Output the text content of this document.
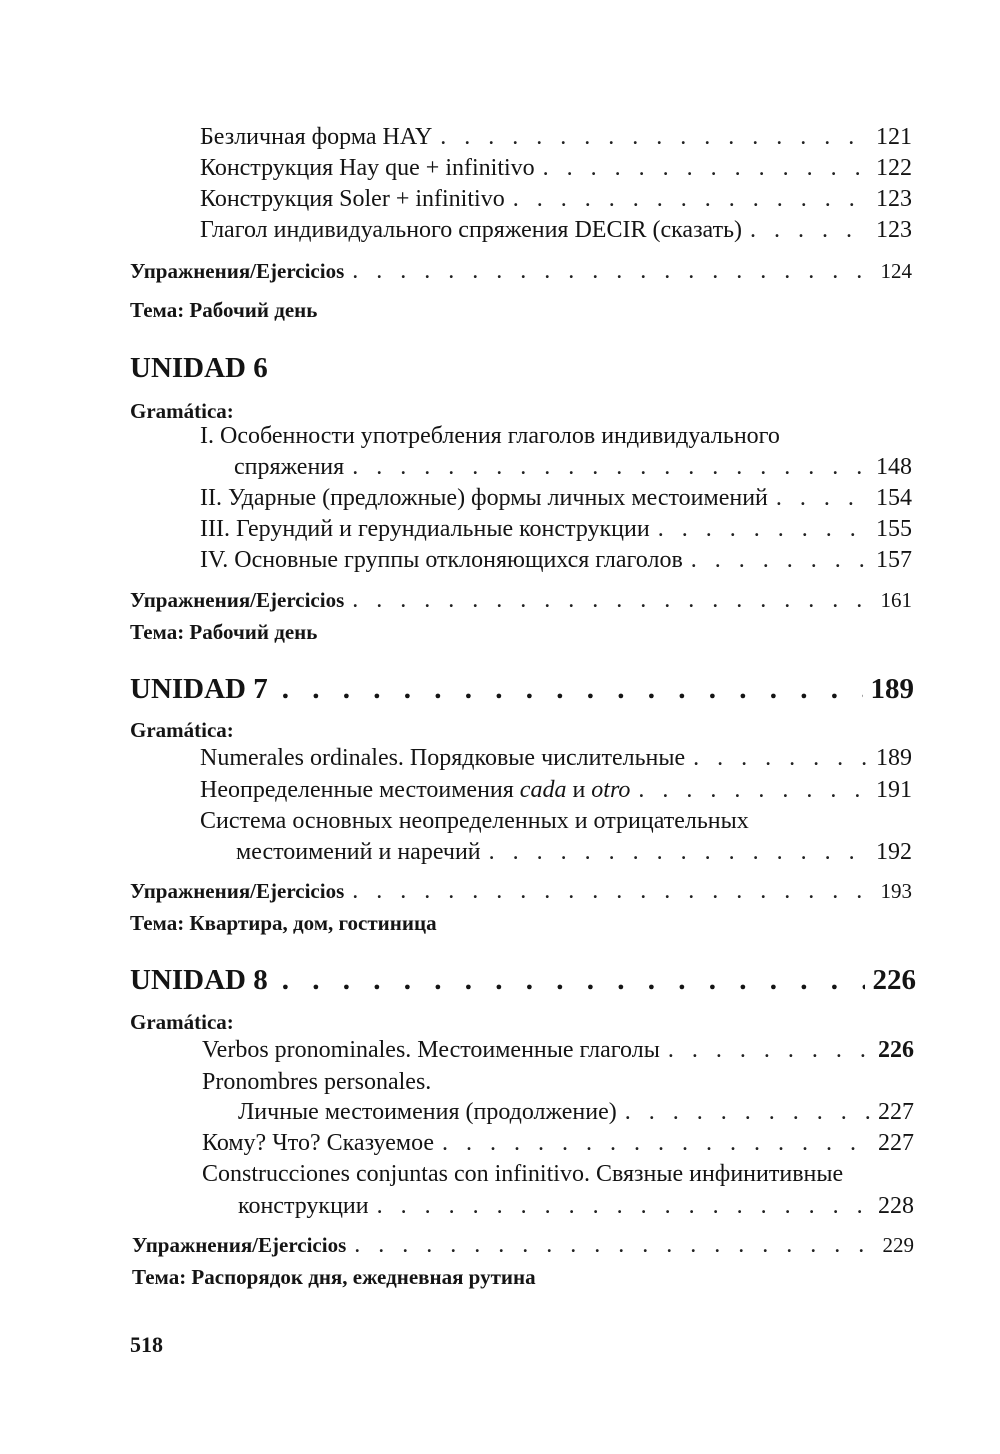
Безличная форма HAY . . .	121
Конструкция Hay que + infinitivo . . .	122
Конструкция Soler + infinitivo . . .	123
Глагол индивидуального спряжения DECIR (сказать) . . .	123
Упражнения/Ejercicios . . .	124
Тема: Рабочий день
UNIDAD 6
Gramática:
I. Особенности употребления глаголов индивидуального
спряжения . . .	148
II. Ударные (предложные) формы личных местоимений . . .	154
III. Герундий и герундиальные конструкции . . .	155
IV. Основные группы отклоняющихся глаголов . . .	157
Упражнения/Ejercicios . . .	161
Тема: Рабочий день
UNIDAD 7 . . .	189
Gramática:
Numerales ordinales. Порядковые числительные . . .	189
Неопределенные местоимения cada и otro . . .	191
Система основных неопределенных и отрицательных
местоимений и наречий . . .	192
Упражнения/Ejercicios . . .	193
Тема: Квартира, дом, гостиница
UNIDAD 8 . . .	226
Gramática:
Verbos pronominales. Местоименные глаголы . . .	226
Pronombres personales.
Личные местоимения (продолжение) . . .	227
Кому? Что? Сказуемое . . .	227
Construcciones conjuntas con infinitivo. Связные инфинитивные
конструкции . . .	228
Упражнения/Ejercicios . . .	229
Тема: Распорядок дня, ежедневная рутина
518
